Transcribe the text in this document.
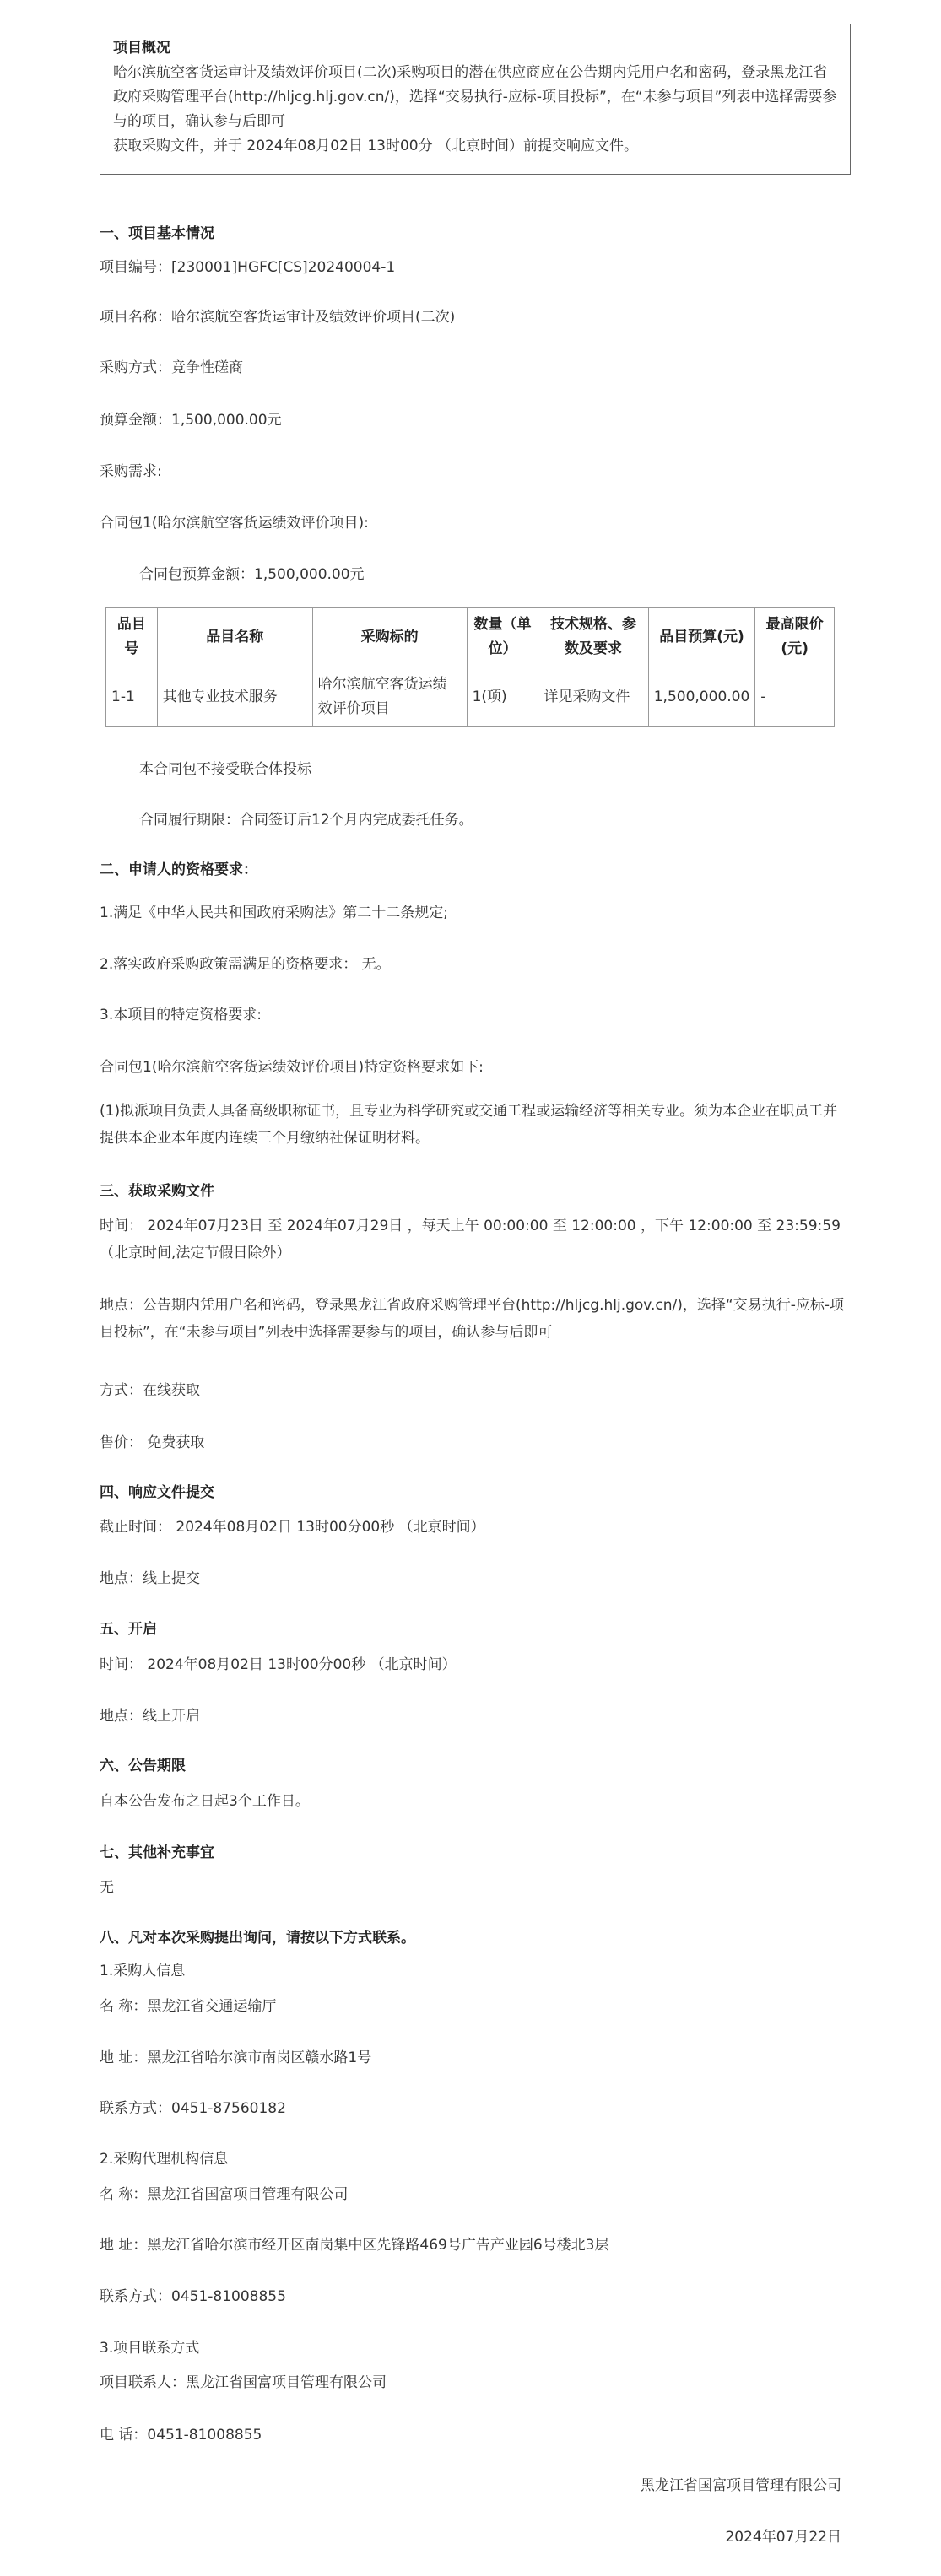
项目概况

哈尔滨航空客货运审计及绩效评价项目(二次)采购项目的潜在供应商应在公告期内凭用户名和密码，登录黑龙江省政府采购管理平台(http://hljcg.hlj.gov.cn/)，选择“交易执行-应标-项目投标”，在“未参与项目”列表中选择需要参与的项目，确认参与后即可

获取采购文件，并于 2024年08月02日 13时00分 （北京时间）前提交响应文件。

一、项目基本情况

项目编号：[230001]HGFC[CS]20240004-1

项目名称：哈尔滨航空客货运审计及绩效评价项目(二次)

采购方式：竞争性磋商

预算金额：1,500,000.00元

采购需求:

合同包1(哈尔滨航空客货运绩效评价项目):

合同包预算金额：1,500,000.00元

品目号	品目名称	采购标的	数量（单位）	技术规格、参数及要求	品目预算(元)	最高限价(元)
1-1	其他专业技术服务	哈尔滨航空客货运绩效评价项目	1(项)	详见采购文件	1,500,000.00	-

本合同包不接受联合体投标

合同履行期限：合同签订后12个月内完成委托任务。

二、申请人的资格要求：

1.满足《中华人民共和国政府采购法》第二十二条规定;

2.落实政府采购政策需满足的资格要求： 无。

3.本项目的特定资格要求:

合同包1(哈尔滨航空客货运绩效评价项目)特定资格要求如下:

(1)拟派项目负责人具备高级职称证书，且专业为科学研究或交通工程或运输经济等相关专业。须为本企业在职员工并提供本企业本年度内连续三个月缴纳社保证明材料。

三、获取采购文件

时间： 2024年07月23日 至 2024年07月29日 ，每天上午 00:00:00 至 12:00:00 ，下午 12:00:00 至 23:59:59 （北京时间,法定节假日除外）

地点：公告期内凭用户名和密码，登录黑龙江省政府采购管理平台(http://hljcg.hlj.gov.cn/)，选择“交易执行-应标-项目投标”，在“未参与项目”列表中选择需要参与的项目，确认参与后即可

方式：在线获取

售价： 免费获取

四、响应文件提交

截止时间： 2024年08月02日 13时00分00秒 （北京时间）

地点：线上提交

五、开启

时间： 2024年08月02日 13时00分00秒 （北京时间）

地点：线上开启

六、公告期限

自本公告发布之日起3个工作日。

七、其他补充事宜

无

八、凡对本次采购提出询问，请按以下方式联系。

1.采购人信息

名 称：黑龙江省交通运输厅

地 址：黑龙江省哈尔滨市南岗区赣水路1号

联系方式：0451-87560182

2.采购代理机构信息

名 称：黑龙江省国富项目管理有限公司

地 址：黑龙江省哈尔滨市经开区南岗集中区先锋路469号广告产业园6号楼北3层

联系方式：0451-81008855

3.项目联系方式

项目联系人：黑龙江省国富项目管理有限公司

电 话：0451-81008855

黑龙江省国富项目管理有限公司

2024年07月22日
